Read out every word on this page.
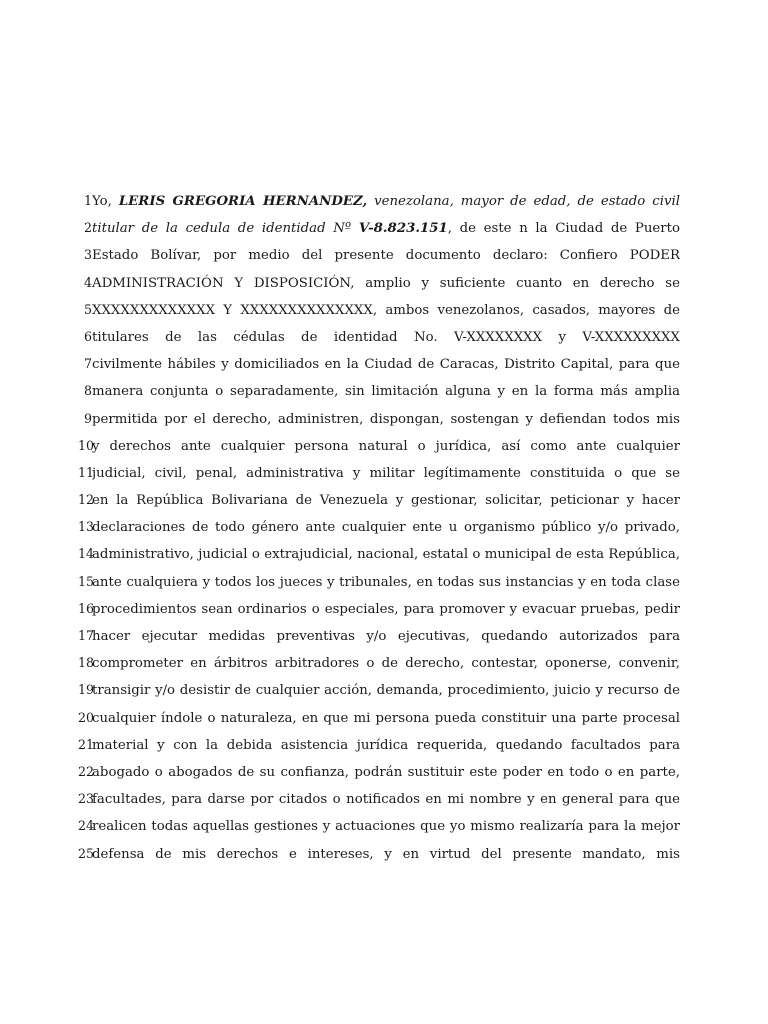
1 Yo, LERIS GREGORIA HERNANDEZ, venezolana, mayor de edad, de estado civil
2 titular de la cedula de identidad Nº V-8.823.151, de este n la Ciudad de Puerto
3 Estado Bolívar, por medio del presente documento declaro: Confiero PODER
4 ADMINISTRACIÓN Y DISPOSICIÓN, amplio y suficiente cuanto en derecho se
5 XXXXXXXXXXXXX Y XXXXXXXXXXXXXX, ambos venezolanos, casados, mayores de
6 titulares de las cédulas de identidad No. V-XXXXXXXX y V-XXXXXXXXX
7 civilmente hábiles y domiciliados en la Ciudad de Caracas, Distrito Capital, para que
8 manera conjunta o separadamente, sin limitación alguna y en la forma más amplia
9 permitida por el derecho, administren, dispongan, sostengan y defiendan todos mis
10
y derechos ante cualquier persona natural o jurídica, así como ante cualquier
11
judicial, civil, penal, administrativa y militar legítimamente constituida o que se
12
en la República Bolivariana de Venezuela y gestionar, solicitar, peticionar y hacer
13
declaraciones de todo género ante cualquier ente u organismo público y/o privado,
14
administrativo, judicial o extrajudicial, nacional, estatal o municipal de esta República,
15
ante cualquiera y todos los jueces y tribunales, en todas sus instancias y en toda clase
16
procedimientos sean ordinarios o especiales, para promover y evacuar pruebas, pedir
17
hacer ejecutar medidas preventivas y/o ejecutivas, quedando autorizados para
18
comprometer en árbitros arbitradores o de derecho, contestar, oponerse, convenir,
19
transigir y/o desistir de cualquier acción, demanda, procedimiento, juicio y recurso de
20
cualquier índole o naturaleza, en que mi persona pueda constituir una parte procesal
21
material y con la debida asistencia jurídica requerida, quedando facultados para
22
abogado o abogados de su confianza, podrán sustituir este poder en todo o en parte,
23
facultades, para darse por citados o notificados en mi nombre y en general para que
24
realicen todas aquellas gestiones y actuaciones que yo mismo realizaría para la mejor
25
defensa de mis derechos e intereses, y en virtud del presente mandato, mis
